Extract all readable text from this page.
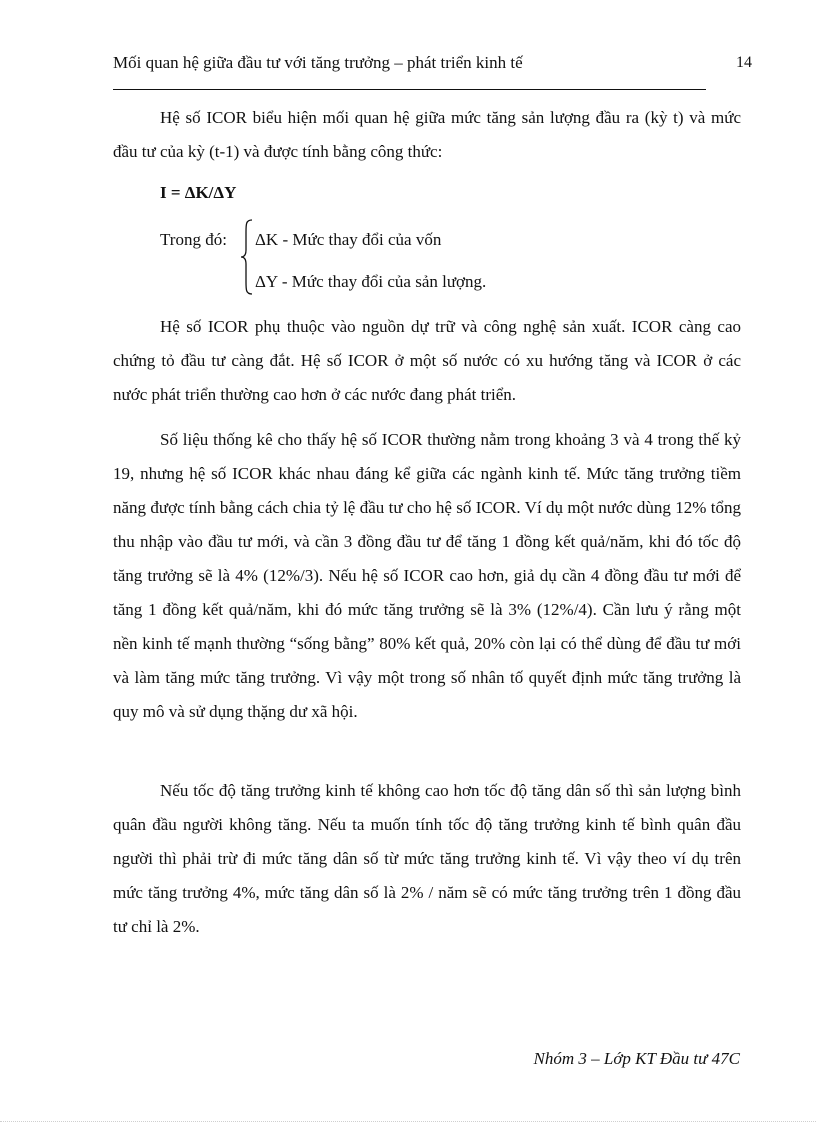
Mối quan hệ giữa đầu tư với tăng trưởng – phát triển kinh tế	14

Hệ số ICOR biểu hiện mối quan hệ giữa mức tăng sản lượng đầu ra (kỳ t) và mức đầu tư của kỳ (t-1) và được tính bằng công thức:

I = ΔK/ΔY
Trong đó: ΔK - Mức thay đổi của vốn
ΔY - Mức thay đổi của sản lượng.

Hệ số ICOR phụ thuộc vào nguồn dự trữ và công nghệ sản xuất. ICOR càng cao chứng tỏ đầu tư càng đắt. Hệ số ICOR ở một số nước có xu hướng tăng và ICOR ở các nước phát triển thường cao hơn ở các nước đang phát triển.

Số liệu thống kê cho thấy hệ số ICOR thường nằm trong khoảng 3 và 4 trong thế kỷ 19, nhưng hệ số ICOR khác nhau đáng kể giữa các ngành kinh tế. Mức tăng trưởng tiềm năng được tính bằng cách chia tỷ lệ đầu tư cho hệ số ICOR. Ví dụ một nước dùng 12% tổng thu nhập vào đầu tư mới, và cần 3 đồng đầu tư để tăng 1 đồng kết quả/năm, khi đó tốc độ tăng trưởng sẽ là 4% (12%/3). Nếu hệ số ICOR cao hơn, giả dụ cần 4 đồng đầu tư mới để tăng 1 đồng kết quả/năm, khi đó mức tăng trưởng sẽ là 3% (12%/4). Cần lưu ý rằng một nền kinh tế mạnh thường “sống bằng” 80% kết quả, 20% còn lại có thể dùng để đầu tư mới và làm tăng mức tăng trưởng. Vì vậy một trong số nhân tố quyết định mức tăng trưởng là quy mô và sử dụng thặng dư xã hội.

Nếu tốc độ tăng trưởng kinh tế không cao hơn tốc độ tăng dân số thì sản lượng bình quân đầu người không tăng. Nếu ta muốn tính tốc độ tăng trưởng kinh tế bình quân đầu người thì phải trừ đi mức tăng dân số từ mức tăng trưởng kinh tế. Vì vậy theo ví dụ trên mức tăng trưởng 4%, mức tăng dân số là 2% / năm sẽ có mức tăng trưởng trên 1 đồng đầu tư chỉ là 2%.

Nhóm 3 – Lớp KT Đầu tư 47C
